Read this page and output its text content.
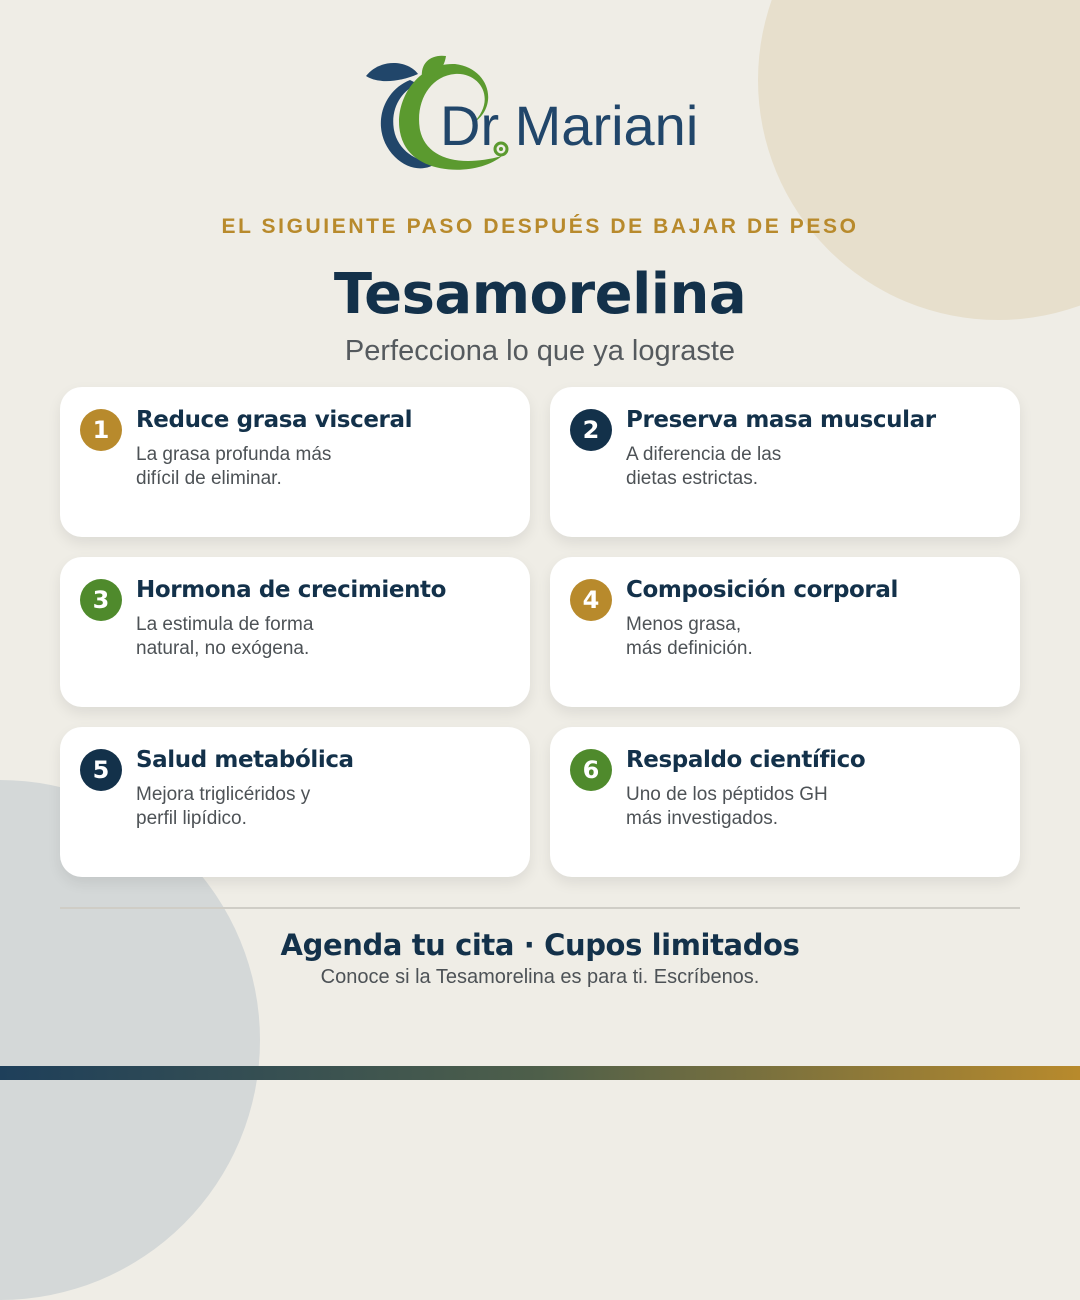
Dr Mariani
EL SIGUIENTE PASO DESPUÉS DE BAJAR DE PESO
Tesamorelina
Perfecciona lo que ya lograste
1	Reduce grasa visceral
La grasa profunda más
difícil de eliminar.
2	Preserva masa muscular
A diferencia de las
dietas estrictas.
3	Hormona de crecimiento
La estimula de forma
natural, no exógena.
4	Composición corporal
Menos grasa,
más definición.
5	Salud metabólica
Mejora triglicéridos y
perfil lipídico.
6	Respaldo científico
Uno de los péptidos GH
más investigados.
Agenda tu cita · Cupos limitados
Conoce si la Tesamorelina es para ti. Escríbenos.
